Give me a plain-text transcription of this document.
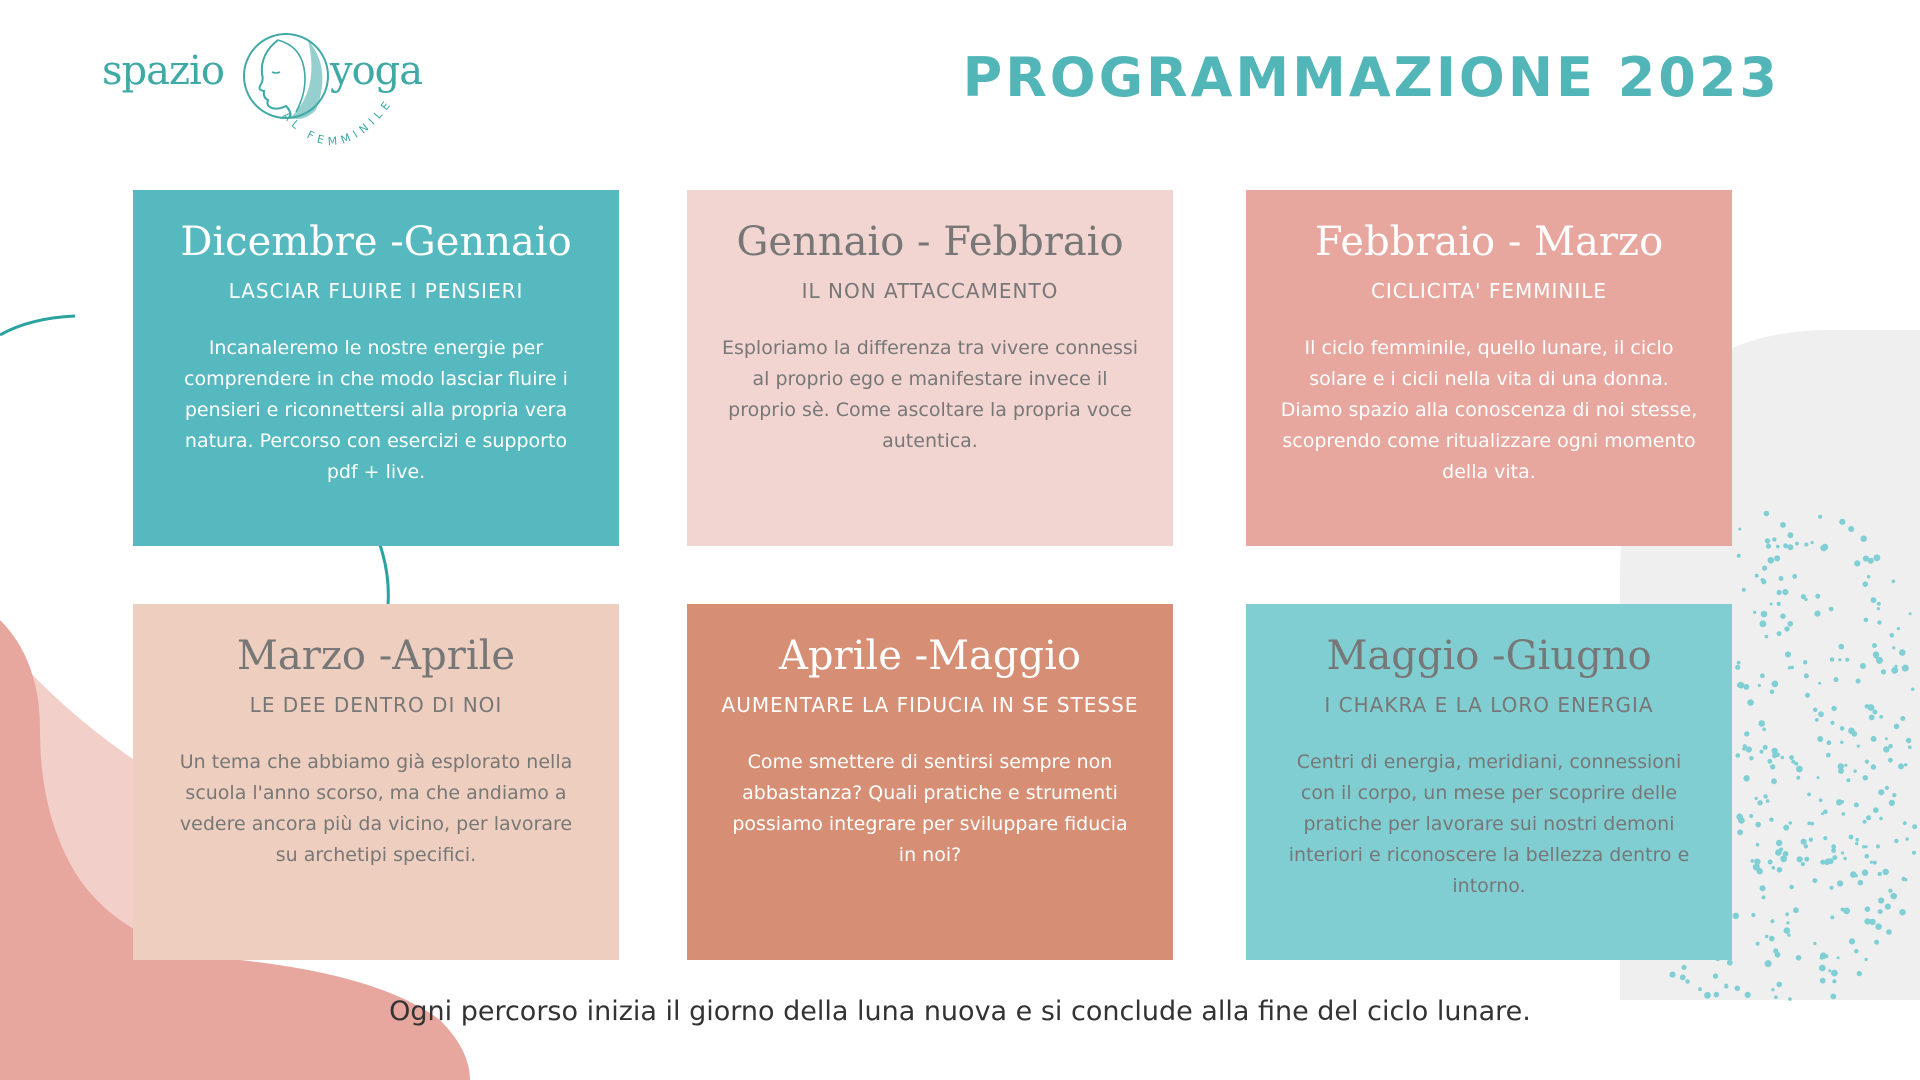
spazio	yoga
AL FEMMINILE	PROGRAMMAZIONE 2023

Dicembre -Gennaio

LASCIAR FLUIRE I PENSIERI

Incanaleremo le nostre energie per comprendere in che modo lasciar fluire i pensieri e riconnettersi alla propria vera natura. Percorso con esercizi e supporto pdf + live.

Gennaio - Febbraio

IL NON ATTACCAMENTO

Esploriamo la differenza tra vivere connessi al proprio ego e manifestare invece il proprio sè. Come ascoltare la propria voce autentica.

Febbraio - Marzo

CICLICITA' FEMMINILE

Il ciclo femminile, quello lunare, il ciclo solare e i cicli nella vita di una donna. Diamo spazio alla conoscenza di noi stesse, scoprendo come ritualizzare ogni momento della vita.

Marzo -Aprile

LE DEE DENTRO DI NOI

Un tema che abbiamo già esplorato nella scuola l'anno scorso, ma che andiamo a vedere ancora più da vicino, per lavorare su archetipi specifici.

Aprile -Maggio

AUMENTARE LA FIDUCIA IN SE STESSE

Come smettere di sentirsi sempre non abbastanza? Quali pratiche e strumenti possiamo integrare per sviluppare fiducia in noi?

Maggio -Giugno

I CHAKRA E LA LORO ENERGIA

Centri di energia, meridiani, connessioni con il corpo, un mese per scoprire delle pratiche per lavorare sui nostri demoni interiori e riconoscere la bellezza dentro e intorno.

Ogni percorso inizia il giorno della luna nuova e si conclude alla fine del ciclo lunare.
